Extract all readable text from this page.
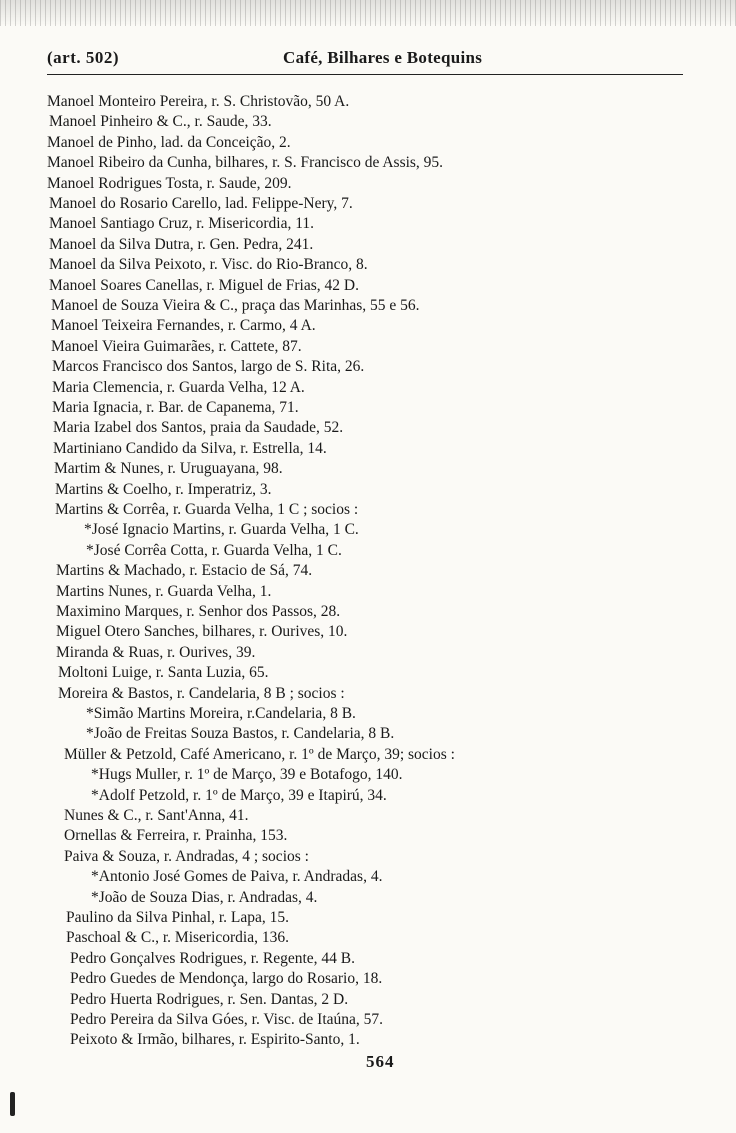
(art. 502)	Café, Bilhares e Botequins
Manoel Monteiro Pereira, r. S. Christovão, 50 A.
Manoel Pinheiro & C., r. Saude, 33.
Manoel de Pinho, lad. da Conceição, 2.
Manoel Ribeiro da Cunha, bilhares, r. S. Francisco de Assis, 95.
Manoel Rodrigues Tosta, r. Saude, 209.
Manoel do Rosario Carello, lad. Felippe-Nery, 7.
Manoel Santiago Cruz, r. Misericordia, 11.
Manoel da Silva Dutra, r. Gen. Pedra, 241.
Manoel da Silva Peixoto, r. Visc. do Rio-Branco, 8.
Manoel Soares Canellas, r. Miguel de Frias, 42 D.
Manoel de Souza Vieira & C., praça das Marinhas, 55 e 56.
Manoel Teixeira Fernandes, r. Carmo, 4 A.
Manoel Vieira Guimarães, r. Cattete, 87.
Marcos Francisco dos Santos, largo de S. Rita, 26.
Maria Clemencia, r. Guarda Velha, 12 A.
Maria Ignacia, r. Bar. de Capanema, 71.
Maria Izabel dos Santos, praia da Saudade, 52.
Martiniano Candido da Silva, r. Estrella, 14.
Martim & Nunes, r. Uruguayana, 98.
Martins & Coelho, r. Imperatriz, 3.
Martins & Corrêa, r. Guarda Velha, 1 C ; socios :
*José Ignacio Martins, r. Guarda Velha, 1 C.
*José Corrêa Cotta, r. Guarda Velha, 1 C.
Martins & Machado, r. Estacio de Sá, 74.
Martins Nunes, r. Guarda Velha, 1.
Maximino Marques, r. Senhor dos Passos, 28.
Miguel Otero Sanches, bilhares, r. Ourives, 10.
Miranda & Ruas, r. Ourives, 39.
Moltoni Luige, r. Santa Luzia, 65.
Moreira & Bastos, r. Candelaria, 8 B ; socios :
*Simão Martins Moreira, r.Candelaria, 8 B.
*João de Freitas Souza Bastos, r. Candelaria, 8 B.
Müller & Petzold, Café Americano, r. 1º de Março, 39; socios :
*Hugs Muller, r. 1º de Março, 39 e Botafogo, 140.
*Adolf Petzold, r. 1º de Março, 39 e Itapirú, 34.
Nunes & C., r. Sant'Anna, 41.
Ornellas & Ferreira, r. Prainha, 153.
Paiva & Souza, r. Andradas, 4 ; socios :
*Antonio José Gomes de Paiva, r. Andradas, 4.
*João de Souza Dias, r. Andradas, 4.
Paulino da Silva Pinhal, r. Lapa, 15.
Paschoal & C., r. Misericordia, 136.
Pedro Gonçalves Rodrigues, r. Regente, 44 B.
Pedro Guedes de Mendonça, largo do Rosario, 18.
Pedro Huerta Rodrigues, r. Sen. Dantas, 2 D.
Pedro Pereira da Silva Góes, r. Visc. de Itaúna, 57.
Peixoto & Irmão, bilhares, r. Espirito-Santo, 1.
564
